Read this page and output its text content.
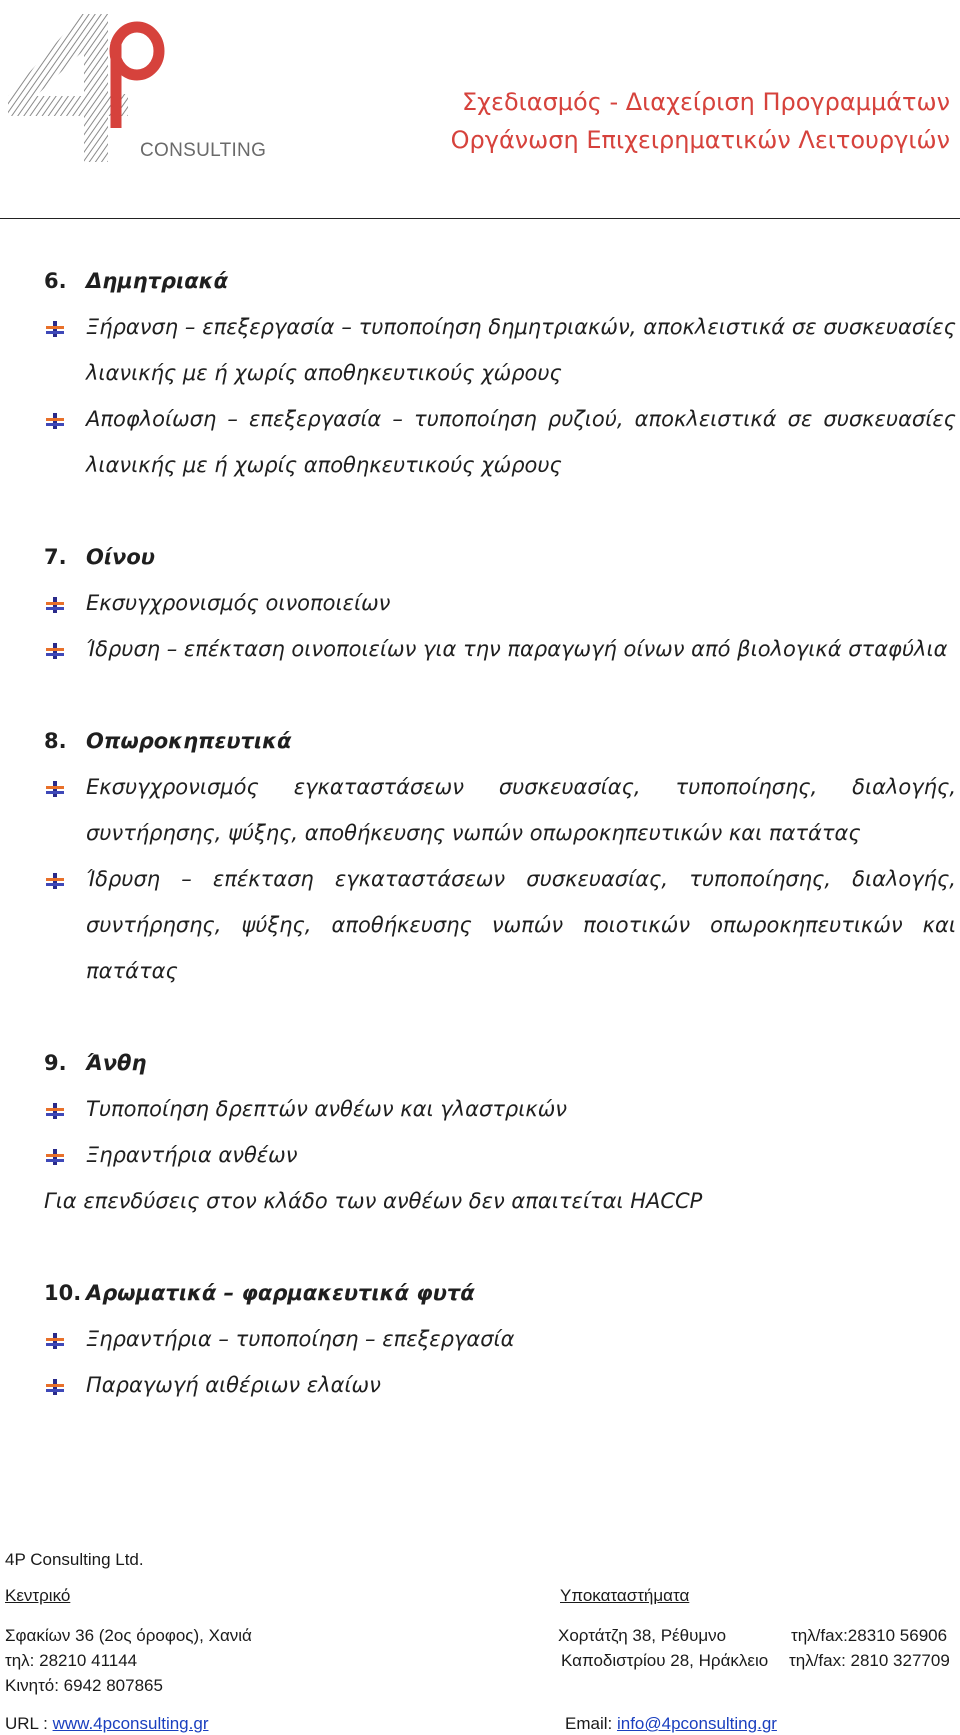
CONSULTING
Σχεδιασμός - Διαχείριση Προγραμμάτων
Οργάνωση Επιχειρηματικών Λειτουργιών
6. Δημητριακά
Ξήρανση – επεξεργασία – τυποποίηση δημητριακών, αποκλειστικά σε συσκευασίες λιανικής με ή χωρίς αποθηκευτικούς χώρους
Αποφλοίωση – επεξεργασία – τυποποίηση ρυζιού, αποκλειστικά σε συσκευασίες λιανικής με ή χωρίς αποθηκευτικούς χώρους
7. Οίνου
Εκσυγχρονισμός οινοποιείων
Ίδρυση – επέκταση οινοποιείων για την παραγωγή οίνων από βιολογικά σταφύλια
8. Οπωροκηπευτικά
Εκσυγχρονισμός εγκαταστάσεων συσκευασίας, τυποποίησης, διαλογής, συντήρησης, ψύξης, αποθήκευσης νωπών οπωροκηπευτικών και πατάτας
Ίδρυση – επέκταση εγκαταστάσεων συσκευασίας, τυποποίησης, διαλογής, συντήρησης, ψύξης, αποθήκευσης νωπών ποιοτικών οπωροκηπευτικών και πατάτας
9. Άνθη
Τυποποίηση δρεπτών ανθέων και γλαστρικών
Ξηραντήρια ανθέων
Για επενδύσεις στον κλάδο των ανθέων δεν απαιτείται HACCP
10. Αρωματικά – φαρμακευτικά φυτά
Ξηραντήρια – τυποποίηση – επεξεργασία
Παραγωγή αιθέριων ελαίων
4P Consulting Ltd.
Κεντρικό	Υποκαταστήματα
Σφακίων 36 (2ος όροφος), Χανιά
τηλ: 28210 41144
Κινητό: 6942 807865
Χορτάτζη 38, Ρέθυμνο	τηλ/fax:28310 56906
Καποδιστρίου 28, Ηράκλειο τηλ/fax: 2810 327709
URL : www.4pconsulting.gr	Email: info@4pconsulting.gr
